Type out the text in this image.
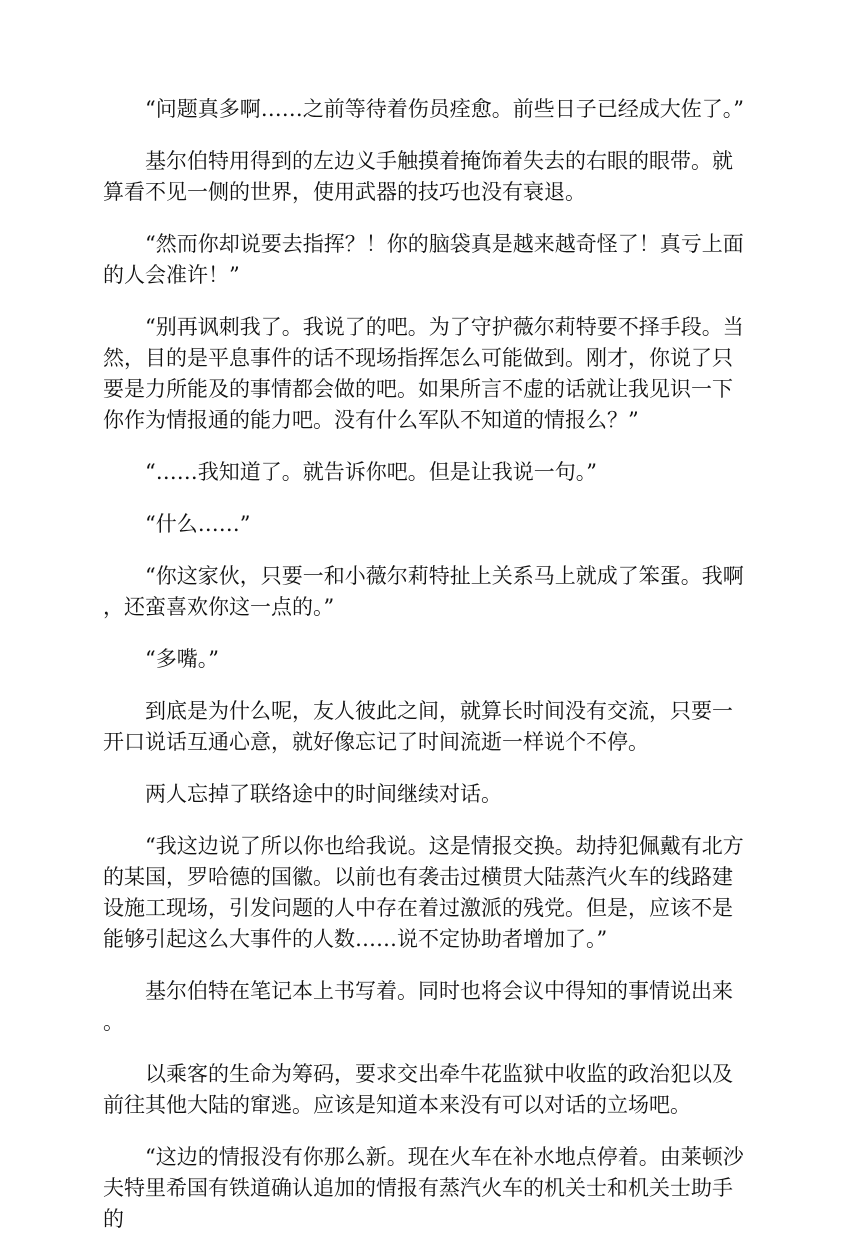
“问题真多啊……之前等待着伤员痊愈。前些日子已经成大佐了。”

基尔伯特用得到的左边义手触摸着掩饰着失去的右眼的眼带。就算看不见一侧的世界，使用武器的技巧也没有衰退。

“然而你却说要去指挥？！你的脑袋真是越来越奇怪了！真亏上面的人会准许！”

“别再讽刺我了。我说了的吧。为了守护薇尔莉特要不择手段。当然，目的是平息事件的话不现场指挥怎么可能做到。刚才，你说了只要是力所能及的事情都会做的吧。如果所言不虚的话就让我见识一下你作为情报通的能力吧。没有什么军队不知道的情报么？”

“……我知道了。就告诉你吧。但是让我说一句。”

“什么……”

“你这家伙，只要一和小薇尔莉特扯上关系马上就成了笨蛋。我啊，还蛮喜欢你这一点的。”

“多嘴。”

到底是为什么呢，友人彼此之间，就算长时间没有交流，只要一开口说话互通心意，就好像忘记了时间流逝一样说个不停。

两人忘掉了联络途中的时间继续对话。

“我这边说了所以你也给我说。这是情报交换。劫持犯佩戴有北方的某国，罗哈德的国徽。以前也有袭击过横贯大陆蒸汽火车的线路建设施工现场，引发问题的人中存在着过激派的残党。但是，应该不是能够引起这么大事件的人数……说不定协助者增加了。”

基尔伯特在笔记本上书写着。同时也将会议中得知的事情说出来。

以乘客的生命为筹码，要求交出牵牛花监狱中收监的政治犯以及前往其他大陆的窜逃。应该是知道本来没有可以对话的立场吧。

“这边的情报没有你那么新。现在火车在补水地点停着。由莱顿沙夫特里希国有铁道确认追加的情报有蒸汽火车的机关士和机关士助手的
